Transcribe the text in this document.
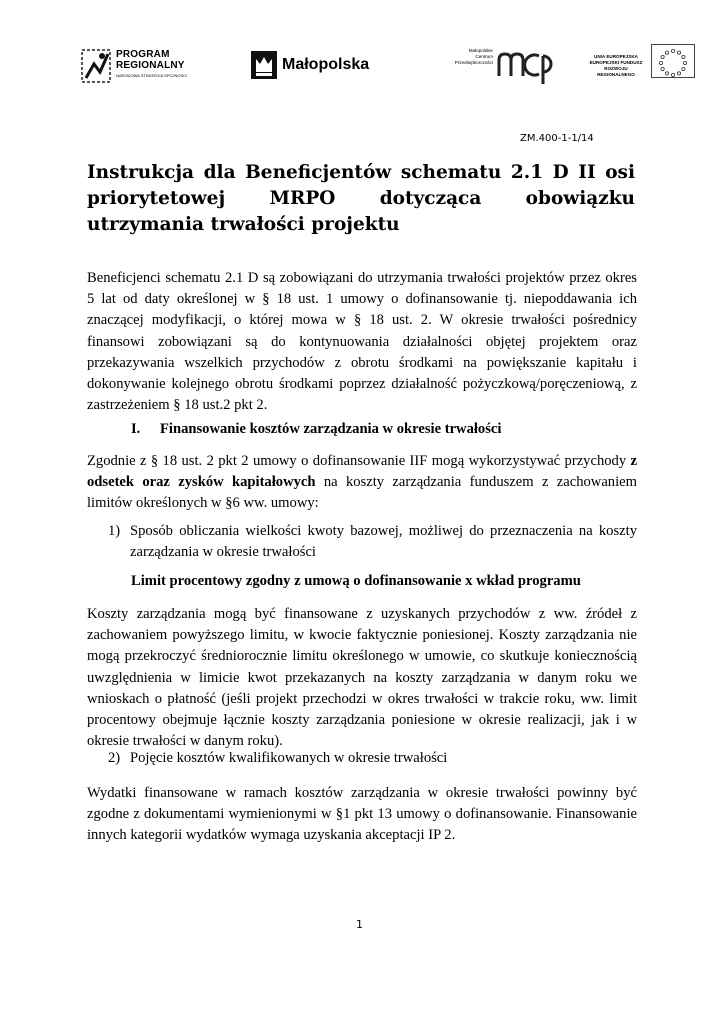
PROGRAM
REGIONALNY
NARODOWA STRATEGIA SPÓJNOŚCI
Małopolska
Małopolskie
Centrum
Przedsiębiorczości
UNIA EUROPEJSKA
EUROPEJSKI FUNDUSZ
ROZWOJU REGIONALNEGO
ZM.400-1-1/14
Instrukcja dla Beneficjentów schematu 2.1 D II osi priorytetowej MRPO dotycząca obowiązku utrzymania trwałości projektu

Beneficjenci schematu 2.1 D są zobowiązani do utrzymania trwałości projektów przez okres 5 lat od daty określonej w § 18 ust. 1 umowy o dofinansowanie tj. niepoddawania ich znaczącej modyfikacji, o której mowa w § 18 ust. 2. W okresie trwałości pośrednicy finansowi zobowiązani są do kontynuowania działalności objętej projektem oraz przekazywania wszelkich przychodów z obrotu środkami na powiększanie kapitału i dokonywanie kolejnego obrotu środkami poprzez działalność pożyczkową/poręczeniową, z zastrzeżeniem § 18 ust.2 pkt 2.

I. Finansowanie kosztów zarządzania w okresie trwałości

Zgodnie z § 18 ust. 2 pkt 2 umowy o dofinansowanie IIF mogą wykorzystywać przychody z odsetek oraz zysków kapitałowych na koszty zarządzania funduszem z zachowaniem limitów określonych w §6 ww. umowy:

1) Sposób obliczania wielkości kwoty bazowej, możliwej do przeznaczenia na koszty zarządzania w okresie trwałości
Limit procentowy zgodny z umową o dofinansowanie x wkład programu

Koszty zarządzania mogą być finansowane z uzyskanych przychodów z ww. źródeł z zachowaniem powyższego limitu, w kwocie faktycznie poniesionej. Koszty zarządzania nie mogą przekroczyć średniorocznie limitu określonego w umowie, co skutkuje koniecznością uwzględnienia w limicie kwot przekazanych na koszty zarządzania w danym roku we wnioskach o płatność (jeśli projekt przechodzi w okres trwałości w trakcie roku, ww. limit procentowy obejmuje łącznie koszty zarządzania poniesione w okresie realizacji, jak i w okresie trwałości w danym roku).

2) Pojęcie kosztów kwalifikowanych w okresie trwałości

Wydatki finansowane w ramach kosztów zarządzania w okresie trwałości powinny być zgodne z dokumentami wymienionymi w §1 pkt 13 umowy o dofinansowanie. Finansowanie innych kategorii wydatków wymaga uzyskania akceptacji IP 2.

1
